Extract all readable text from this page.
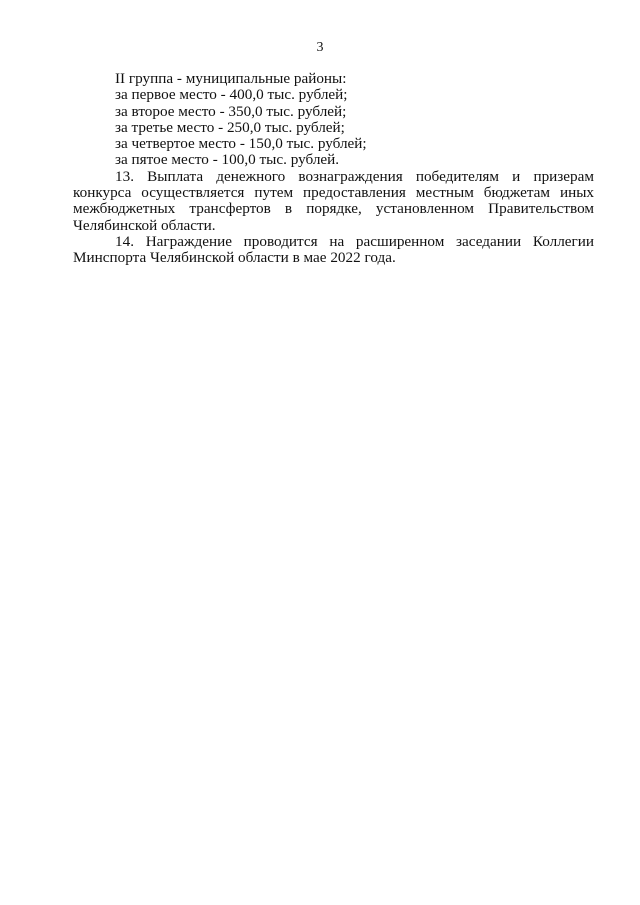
3
II группа - муниципальные районы:
за первое место - 400,0 тыс. рублей;
за второе место - 350,0 тыс. рублей;
за третье место - 250,0 тыс. рублей;
за четвертое место - 150,0 тыс. рублей;
за пятое место - 100,0 тыс. рублей.

13. Выплата денежного вознаграждения победителям и призерам конкурса осуществляется путем предоставления местным бюджетам иных межбюджетных трансфертов в порядке, установленном Правительством Челябинской области.

14. Награждение проводится на расширенном заседании Коллегии Минспорта Челябинской области в мае 2022 года.
